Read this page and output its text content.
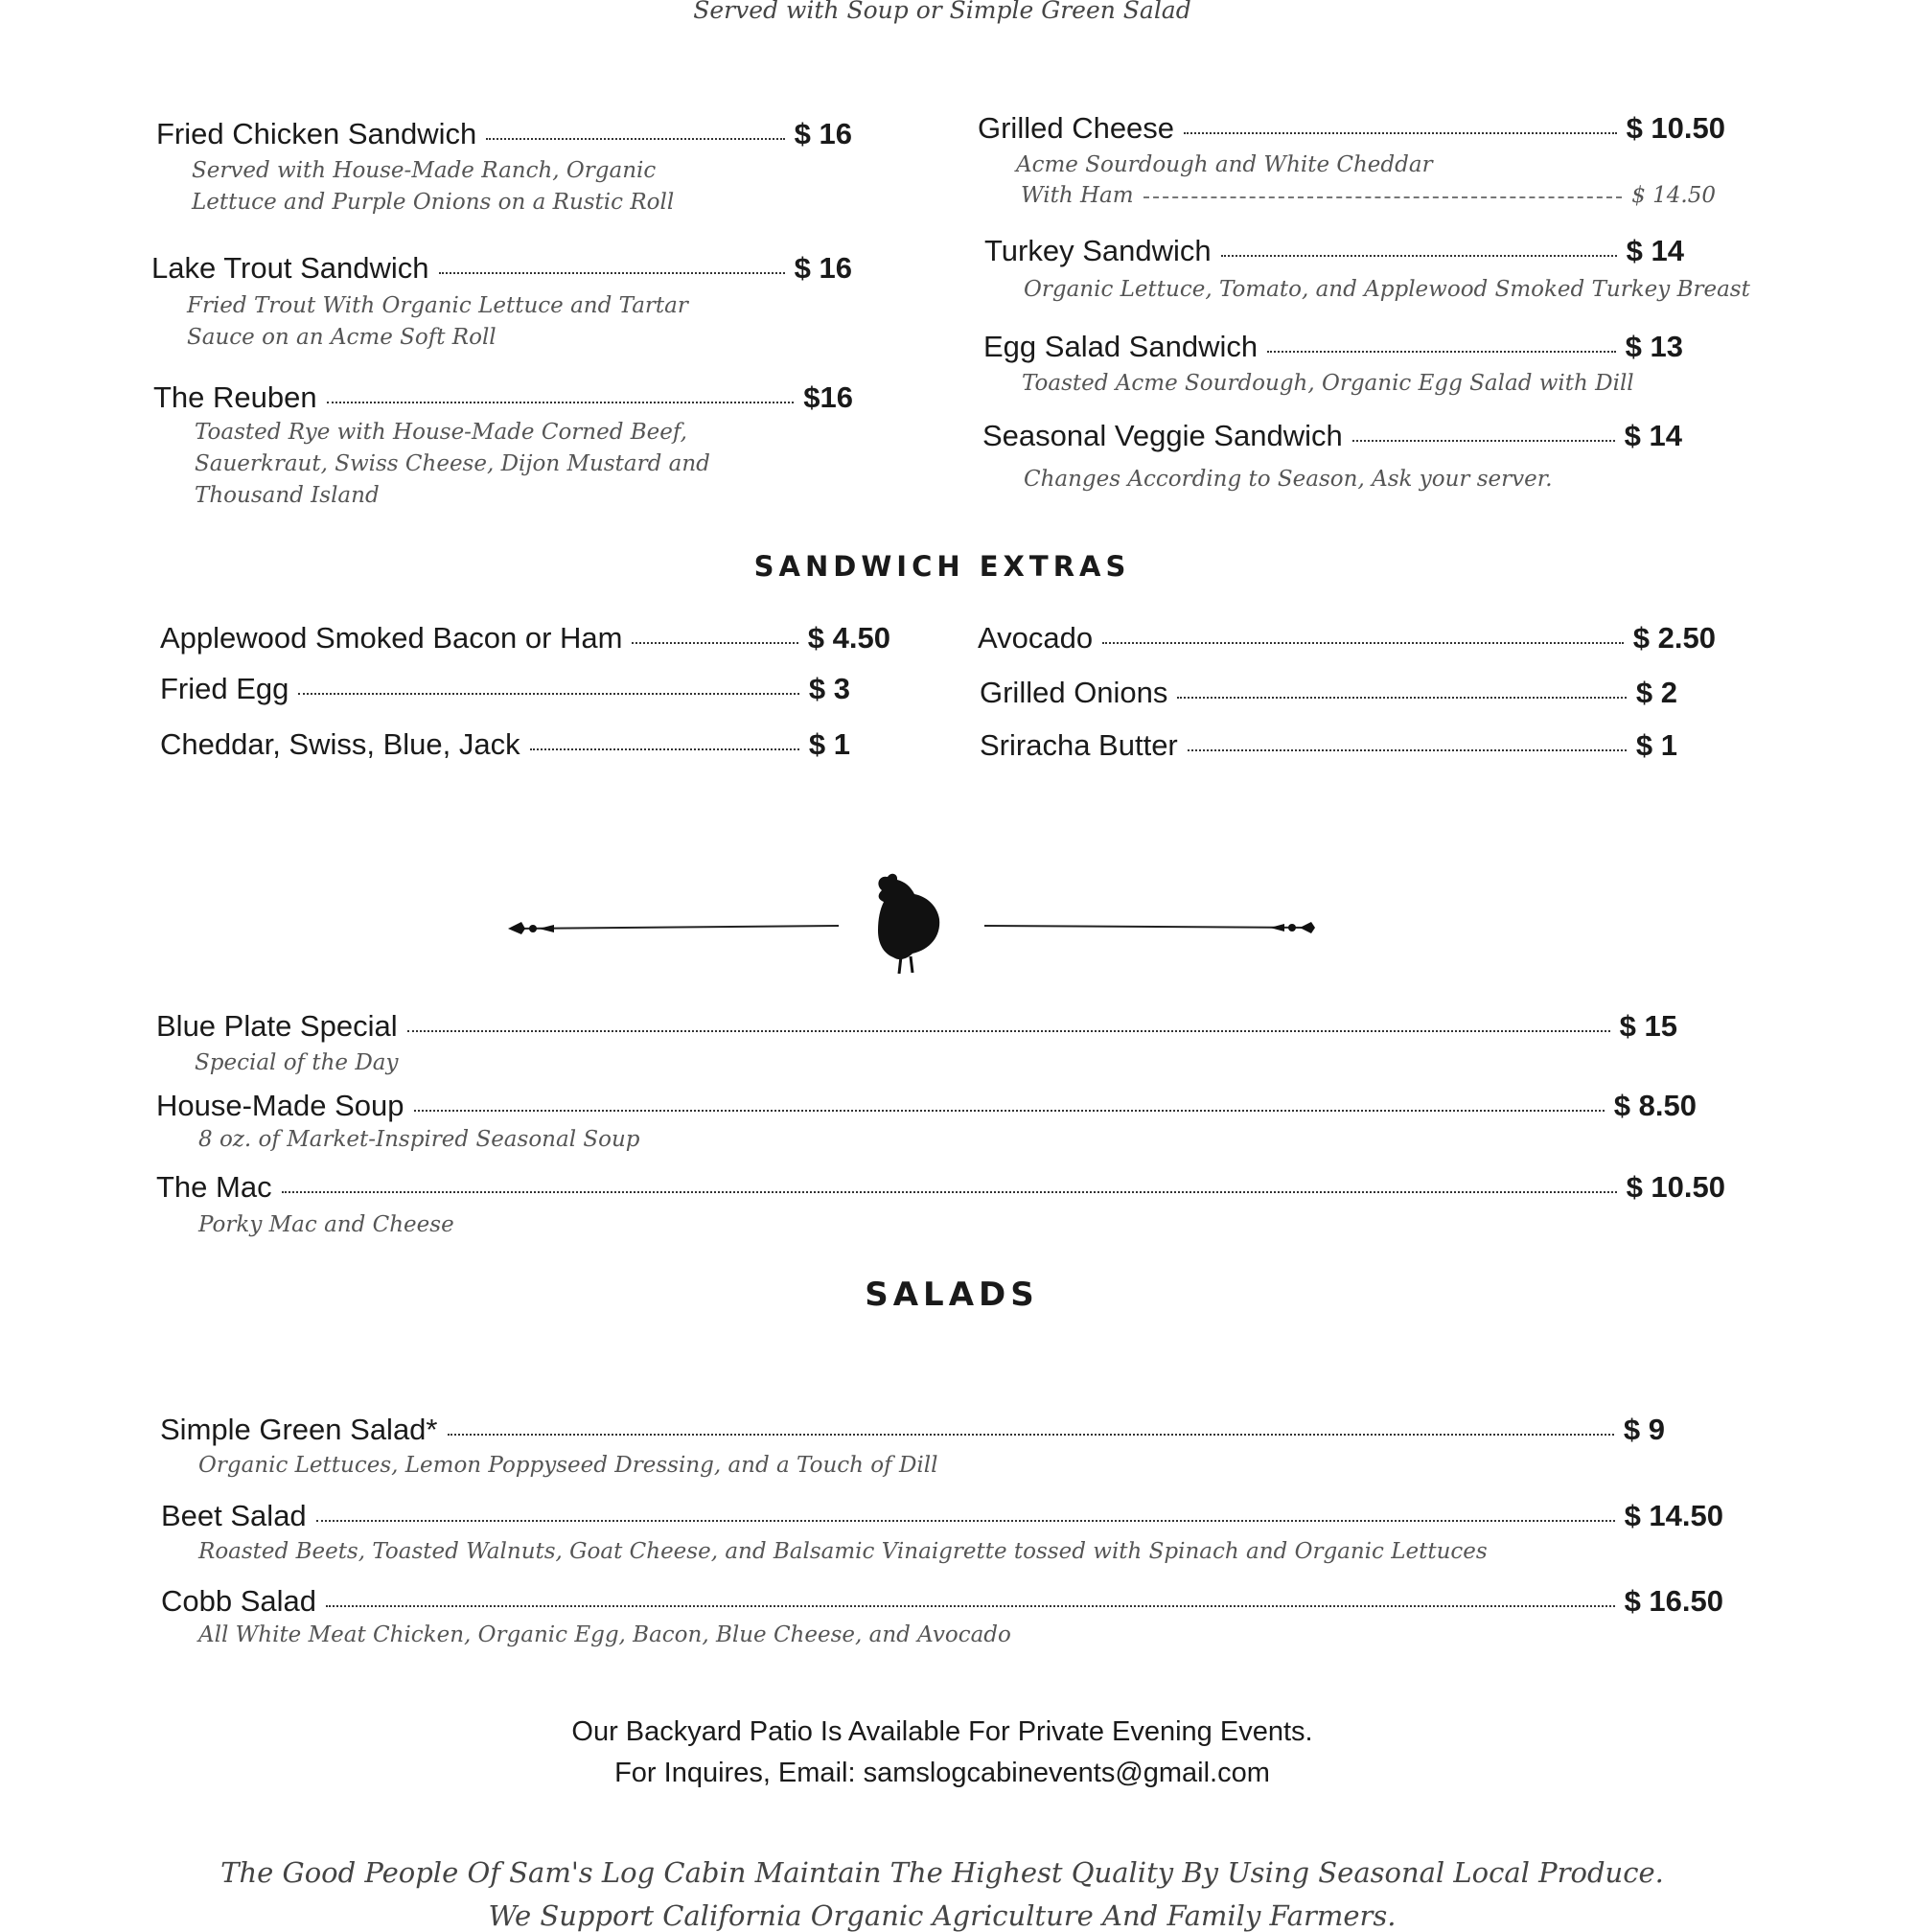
Served with Soup or Simple Green Salad
Fried Chicken Sandwich	$ 16
Served with House-Made Ranch, Organic Lettuce and Purple Onions on a Rustic Roll
Lake Trout Sandwich	$ 16
Fried Trout With Organic Lettuce and Tartar Sauce on an Acme Soft Roll
The Reuben	$16
Toasted Rye with House-Made Corned Beef, Sauerkraut, Swiss Cheese, Dijon Mustard and Thousand Island
Grilled Cheese	$ 10.50
Acme Sourdough and White Cheddar
With Ham	$ 14.50
Turkey Sandwich	$ 14
Organic Lettuce, Tomato, and Applewood Smoked Turkey Breast
Egg Salad Sandwich	$ 13
Toasted Acme Sourdough, Organic Egg Salad with Dill
Seasonal Veggie Sandwich	$ 14
Changes According to Season, Ask your server.
SANDWICH EXTRAS
Applewood Smoked Bacon or Ham	$ 4.50
Fried Egg	$ 3
Cheddar, Swiss, Blue, Jack	$ 1
Avocado	$ 2.50
Grilled Onions	$ 2
Sriracha Butter	$ 1
Blue Plate Special	$ 15
Special of the Day
House-Made Soup	$ 8.50
8 oz. of Market-Inspired Seasonal Soup
The Mac	$ 10.50
Porky Mac and Cheese
SALADS
Simple Green Salad*	$ 9
Organic Lettuces, Lemon Poppyseed Dressing, and a Touch of Dill
Beet Salad	$ 14.50
Roasted Beets, Toasted Walnuts, Goat Cheese, and Balsamic Vinaigrette tossed with Spinach and Organic Lettuces
Cobb Salad	$ 16.50
All White Meat Chicken, Organic Egg, Bacon, Blue Cheese, and Avocado
Our Backyard Patio Is Available For Private Evening Events.
For Inquires, Email: samslogcabinevents@gmail.com
The Good People Of Sam's Log Cabin Maintain The Highest Quality By Using Seasonal Local Produce.
We Support California Organic Agriculture And Family Farmers.
